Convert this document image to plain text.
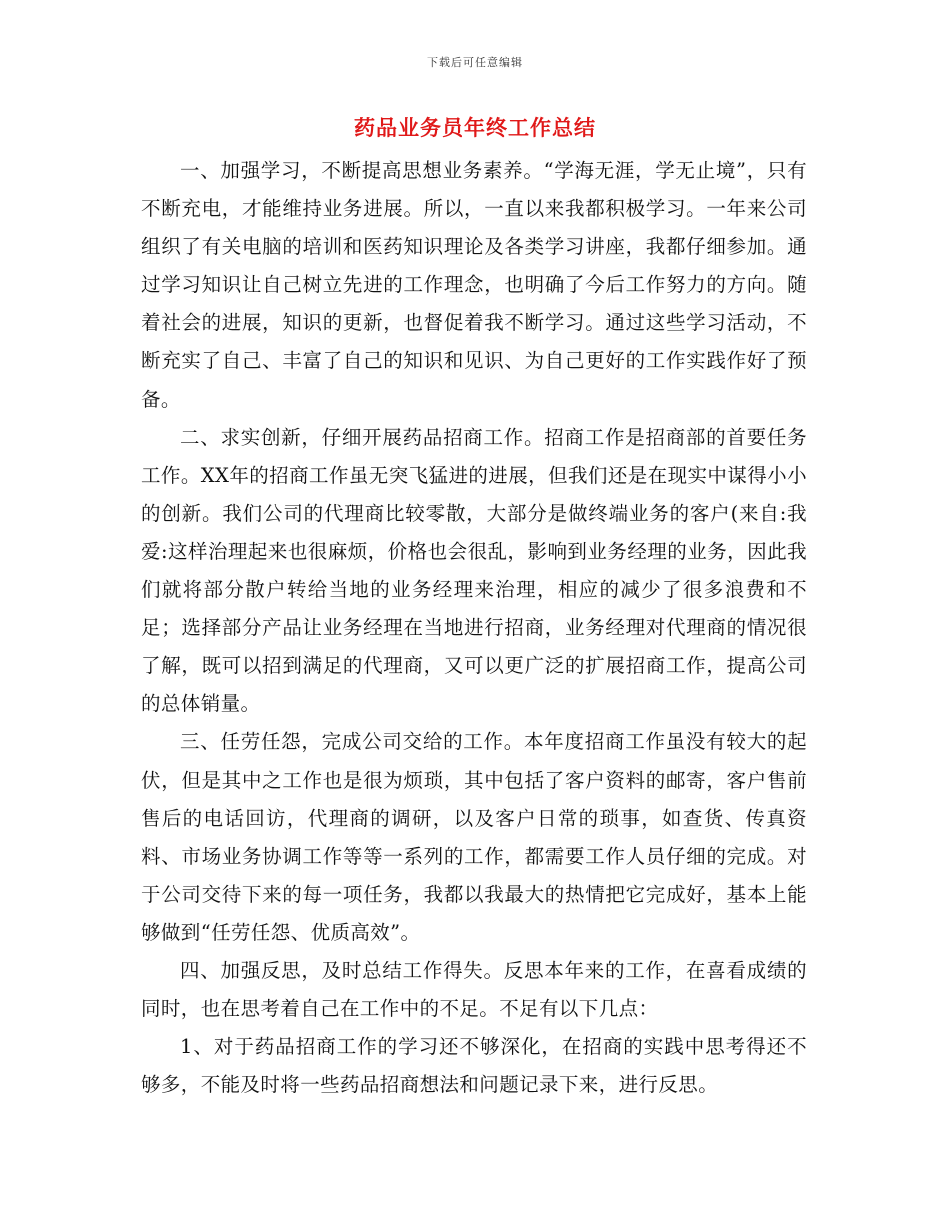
下载后可任意编辑
药品业务员年终工作总结

一、加强学习，不断提高思想业务素养。“学海无涯，学无止境”，只有不断充电，才能维持业务进展。所以，一直以来我都积极学习。一年来公司组织了有关电脑的培训和医药知识理论及各类学习讲座，我都仔细参加。通过学习知识让自己树立先进的工作理念，也明确了今后工作努力的方向。随着社会的进展，知识的更新，也督促着我不断学习。通过这些学习活动，不断充实了自己、丰富了自己的知识和见识、为自己更好的工作实践作好了预备。

二、求实创新，仔细开展药品招商工作。招商工作是招商部的首要任务工作。XX年的招商工作虽无突飞猛进的进展，但我们还是在现实中谋得小小的创新。我们公司的代理商比较零散，大部分是做终端业务的客户(来自:我爱:这样治理起来也很麻烦，价格也会很乱，影响到业务经理的业务，因此我们就将部分散户转给当地的业务经理来治理，相应的减少了很多浪费和不足；选择部分产品让业务经理在当地进行招商，业务经理对代理商的情况很了解，既可以招到满足的代理商，又可以更广泛的扩展招商工作，提高公司的总体销量。

三、任劳任怨，完成公司交给的工作。本年度招商工作虽没有较大的起伏，但是其中之工作也是很为烦琐，其中包括了客户资料的邮寄，客户售前售后的电话回访，代理商的调研，以及客户日常的琐事，如查货、传真资料、市场业务协调工作等等一系列的工作，都需要工作人员仔细的完成。对于公司交待下来的每一项任务，我都以我最大的热情把它完成好，基本上能够做到“任劳任怨、优质高效”。

四、加强反思，及时总结工作得失。反思本年来的工作，在喜看成绩的同时，也在思考着自己在工作中的不足。不足有以下几点：

1、对于药品招商工作的学习还不够深化，在招商的实践中思考得还不够多，不能及时将一些药品招商想法和问题记录下来，进行反思。
